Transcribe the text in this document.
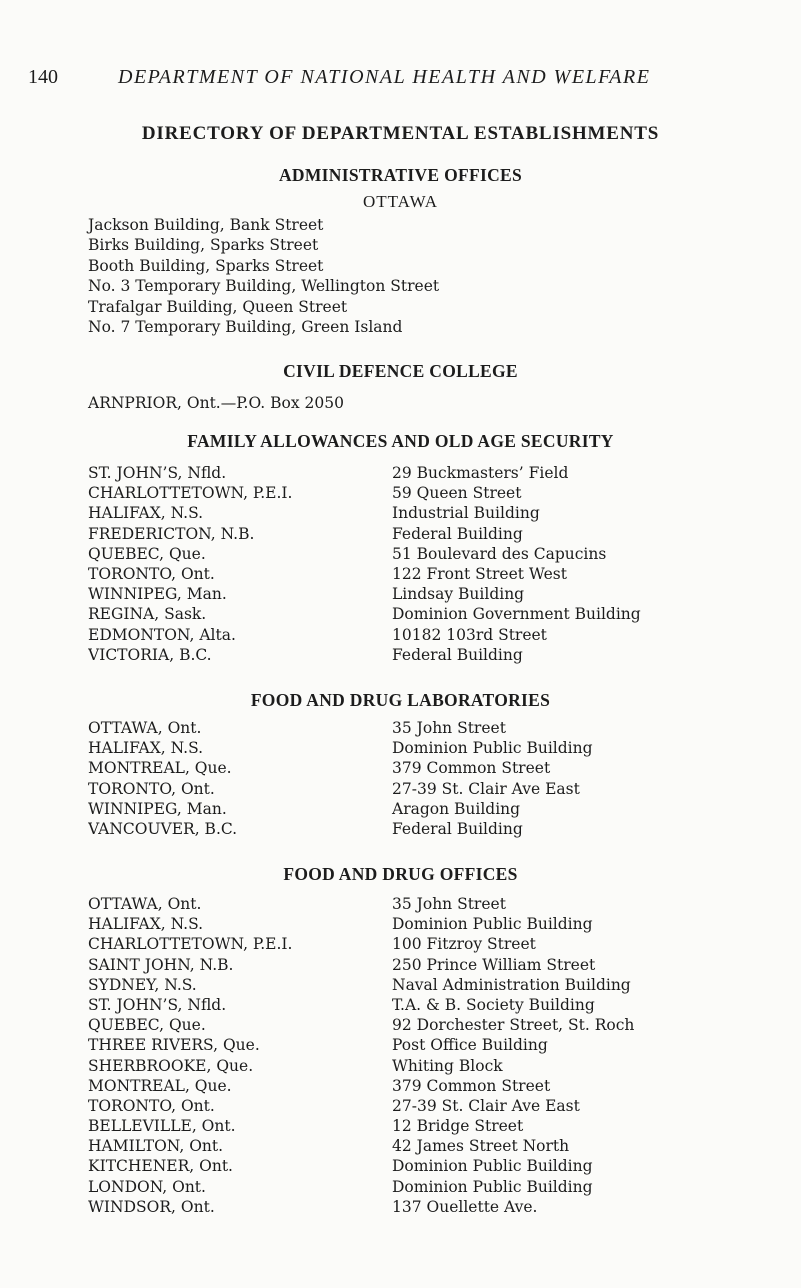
140	DEPARTMENT OF NATIONAL HEALTH AND WELFARE
DIRECTORY OF DEPARTMENTAL ESTABLISHMENTS
ADMINISTRATIVE OFFICES
OTTAWA
Jackson Building, Bank Street
Birks Building, Sparks Street
Booth Building, Sparks Street
No. 3 Temporary Building, Wellington Street
Trafalgar Building, Queen Street
No. 7 Temporary Building, Green Island
CIVIL DEFENCE COLLEGE
ARNPRIOR, Ont.—P.O. Box 2050
FAMILY ALLOWANCES AND OLD AGE SECURITY
ST. JOHN’S, Nfld. . . .	29 Buckmasters’ Field
CHARLOTTETOWN, P.E.I. . . .	59 Queen Street
HALIFAX, N.S. . . .	Industrial Building
FREDERICTON, N.B. . . .	Federal Building
QUEBEC, Que. . . .	51 Boulevard des Capucins
TORONTO, Ont. . . .	122 Front Street West
WINNIPEG, Man. . . .	Lindsay Building
REGINA, Sask. . . .	Dominion Government Building
EDMONTON, Alta. . . .	10182 103rd Street
VICTORIA, B.C. . . .	Federal Building
FOOD AND DRUG LABORATORIES
OTTAWA, Ont. . . .	35 John Street
HALIFAX, N.S. . . .	Dominion Public Building
MONTREAL, Que. . . .	379 Common Street
TORONTO, Ont. . . .	27-39 St. Clair Ave East
WINNIPEG, Man. . . .	Aragon Building
VANCOUVER, B.C. . . .	Federal Building
FOOD AND DRUG OFFICES
OTTAWA, Ont. . . .	35 John Street
HALIFAX, N.S. . . .	Dominion Public Building
CHARLOTTETOWN, P.E.I. . . .	100 Fitzroy Street
SAINT JOHN, N.B. . . .	250 Prince William Street
SYDNEY, N.S. . . .	Naval Administration Building
ST. JOHN’S, Nfld. . . .	T.A. & B. Society Building
QUEBEC, Que. . . .	92 Dorchester Street, St. Roch
THREE RIVERS, Que. . . .	Post Office Building
SHERBROOKE, Que. . . .	Whiting Block
MONTREAL, Que. . . .	379 Common Street
TORONTO, Ont. . . .	27-39 St. Clair Ave East
BELLEVILLE, Ont. . . .	12 Bridge Street
HAMILTON, Ont. . . .	42 James Street North
KITCHENER, Ont. . . .	Dominion Public Building
LONDON, Ont. . . .	Dominion Public Building
WINDSOR, Ont. . . .	137 Ouellette Ave.
